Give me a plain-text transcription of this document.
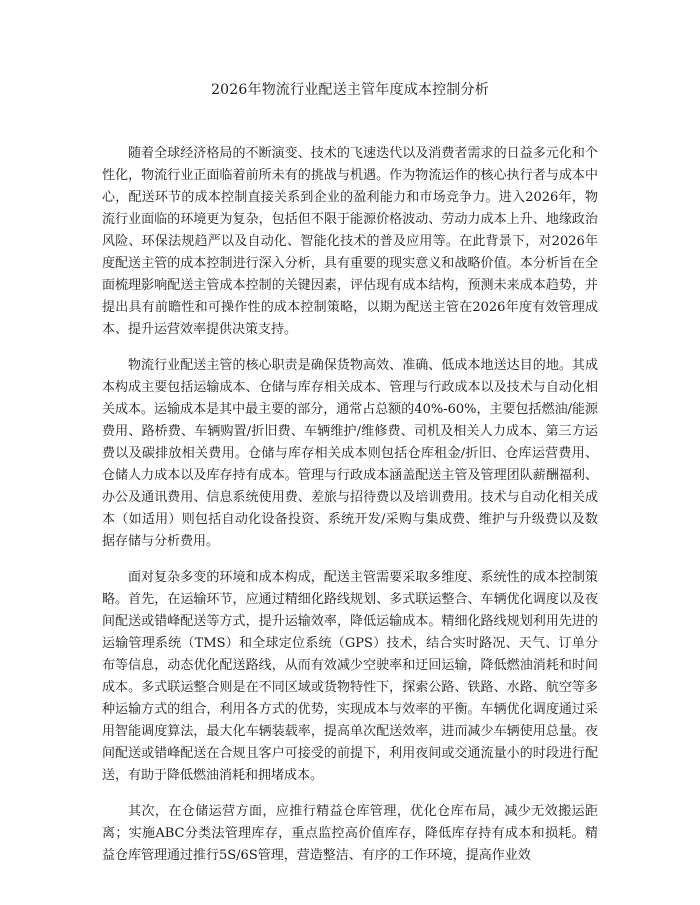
2026年物流行业配送主管年度成本控制分析

随着全球经济格局的不断演变、技术的飞速迭代以及消费者需求的日益多元化和个性化，物流行业正面临着前所未有的挑战与机遇。作为物流运作的核心执行者与成本中心，配送环节的成本控制直接关系到企业的盈利能力和市场竞争力。进入2026年，物流行业面临的环境更为复杂，包括但不限于能源价格波动、劳动力成本上升、地缘政治风险、环保法规趋严以及自动化、智能化技术的普及应用等。在此背景下，对2026年度配送主管的成本控制进行深入分析，具有重要的现实意义和战略价值。本分析旨在全面梳理影响配送主管成本控制的关键因素，评估现有成本结构，预测未来成本趋势，并提出具有前瞻性和可操作性的成本控制策略，以期为配送主管在2026年度有效管理成本、提升运营效率提供决策支持。

物流行业配送主管的核心职责是确保货物高效、准确、低成本地送达目的地。其成本构成主要包括运输成本、仓储与库存相关成本、管理与行政成本以及技术与自动化相关成本。运输成本是其中最主要的部分，通常占总额的40%-60%，主要包括燃油/能源费用、路桥费、车辆购置/折旧费、车辆维护/维修费、司机及相关人力成本、第三方运费以及碳排放相关费用。仓储与库存相关成本则包括仓库租金/折旧、仓库运营费用、仓储人力成本以及库存持有成本。管理与行政成本涵盖配送主管及管理团队薪酬福利、办公及通讯费用、信息系统使用费、差旅与招待费以及培训费用。技术与自动化相关成本（如适用）则包括自动化设备投资、系统开发/采购与集成费、维护与升级费以及数据存储与分析费用。

面对复杂多变的环境和成本构成，配送主管需要采取多维度、系统性的成本控制策略。首先，在运输环节，应通过精细化路线规划、多式联运整合、车辆优化调度以及夜间配送或错峰配送等方式，提升运输效率，降低运输成本。精细化路线规划利用先进的运输管理系统（TMS）和全球定位系统（GPS）技术，结合实时路况、天气、订单分布等信息，动态优化配送路线，从而有效减少空驶率和迂回运输，降低燃油消耗和时间成本。多式联运整合则是在不同区域或货物特性下，探索公路、铁路、水路、航空等多种运输方式的组合，利用各方式的优势，实现成本与效率的平衡。车辆优化调度通过采用智能调度算法，最大化车辆装载率，提高单次配送效率，进而减少车辆使用总量。夜间配送或错峰配送在合规且客户可接受的前提下，利用夜间或交通流量小的时段进行配送，有助于降低燃油消耗和拥堵成本。

其次，在仓储运营方面，应推行精益仓库管理，优化仓库布局，减少无效搬运距离；实施ABC分类法管理库存，重点监控高价值库存，降低库存持有成本和损耗。精益仓库管理通过推行5S/6S管理，营造整洁、有序的工作环境，提高作业效
